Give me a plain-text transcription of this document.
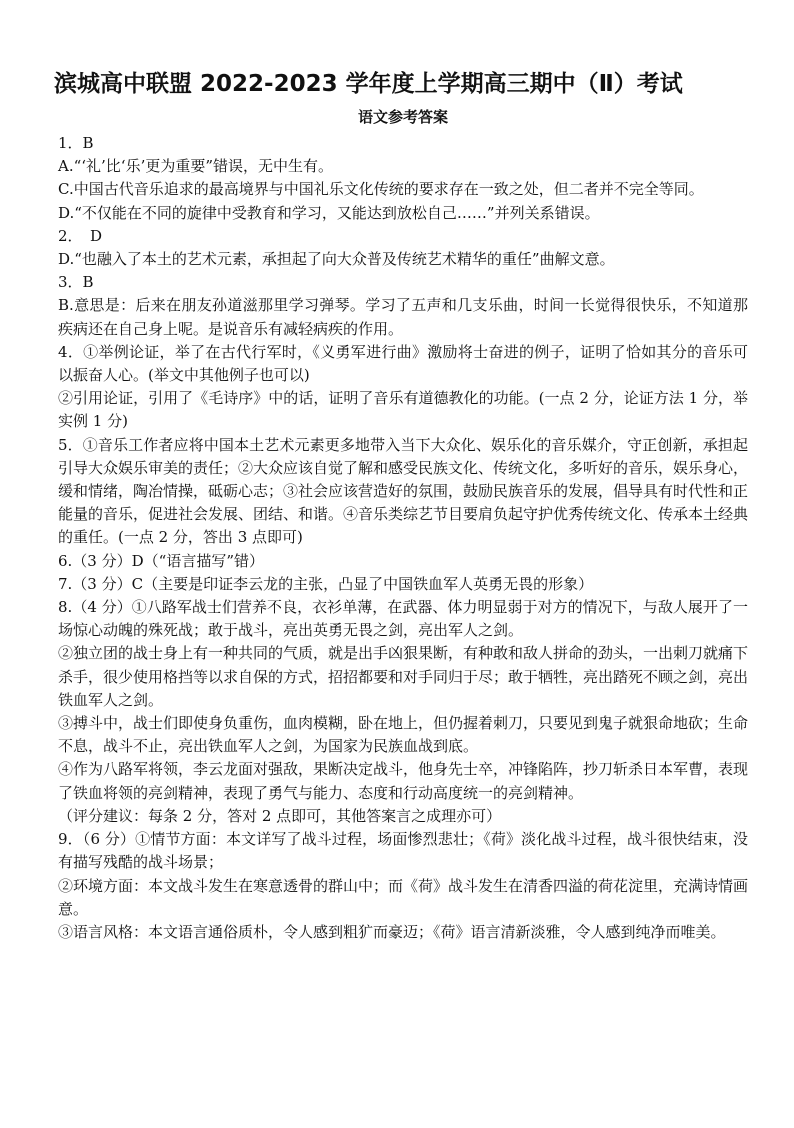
滨城高中联盟 2022-2023 学年度上学期高三期中（Ⅱ）考试
语文参考答案

1．B

A.“‘礼’比‘乐’更为重要”错误，无中生有。

C.中国古代音乐追求的最高境界与中国礼乐文化传统的要求存在一致之处，但二者并不完全等同。

D.“不仅能在不同的旋律中受教育和学习，又能达到放松自己……”并列关系错误。

2．　D

D.“也融入了本土的艺术元素，承担起了向大众普及传统艺术精华的重任”曲解文意。

3．B

B.意思是：后来在朋友孙道滋那里学习弹琴。学习了五声和几支乐曲，时间一长觉得很快乐，不知道那疾病还在自己身上呢。是说音乐有减轻病疾的作用。

4．①举例论证，举了在古代行军时，《义勇军进行曲》激励将士奋进的例子，证明了恰如其分的音乐可以振奋人心。(举文中其他例子也可以)

②引用论证，引用了《毛诗序》中的话，证明了音乐有道德教化的功能。(一点 2 分，论证方法 1 分，举实例 1 分)

5．①音乐工作者应将中国本土艺术元素更多地带入当下大众化、娱乐化的音乐媒介，守正创新，承担起引导大众娱乐审美的责任；②大众应该自觉了解和感受民族文化、传统文化，多听好的音乐，娱乐身心，缓和情绪，陶冶情操，砥砺心志；③社会应该营造好的氛围，鼓励民族音乐的发展，倡导具有时代性和正能量的音乐，促进社会发展、团结、和谐。④音乐类综艺节目要肩负起守护优秀传统文化、传承本土经典的重任。(一点 2 分，答出 3 点即可)

6.（3 分）D（“语言描写”错）

7.（3 分）C（主要是印证李云龙的主张，凸显了中国铁血军人英勇无畏的形象）

8.（4 分）①八路军战士们营养不良，衣衫单薄，在武器、体力明显弱于对方的情况下，与敌人展开了一场惊心动魄的殊死战；敢于战斗，亮出英勇无畏之剑，亮出军人之剑。

②独立团的战士身上有一种共同的气质，就是出手凶狠果断，有种敢和敌人拼命的劲头，一出刺刀就痛下杀手，很少使用格挡等以求自保的方式，招招都要和对手同归于尽；敢于牺牲，亮出踏死不顾之剑，亮出铁血军人之剑。

③搏斗中，战士们即使身负重伤，血肉模糊，卧在地上，但仍握着刺刀，只要见到鬼子就狠命地砍；生命不息，战斗不止，亮出铁血军人之剑，为国家为民族血战到底。

④作为八路军将领，李云龙面对强敌，果断决定战斗，他身先士卒，冲锋陷阵，抄刀斩杀日本军曹，表现了铁血将领的亮剑精神，表现了勇气与能力、态度和行动高度统一的亮剑精神。

（评分建议：每条 2 分，答对 2 点即可，其他答案言之成理亦可）

9．（6 分）①情节方面：本文详写了战斗过程，场面惨烈悲壮；《荷》淡化战斗过程，战斗很快结束，没有描写残酷的战斗场景；

②环境方面：本文战斗发生在寒意透骨的群山中；而《荷》战斗发生在清香四溢的荷花淀里，充满诗情画意。

③语言风格：本文语言通俗质朴，令人感到粗犷而豪迈；《荷》语言清新淡雅，令人感到纯净而唯美。
